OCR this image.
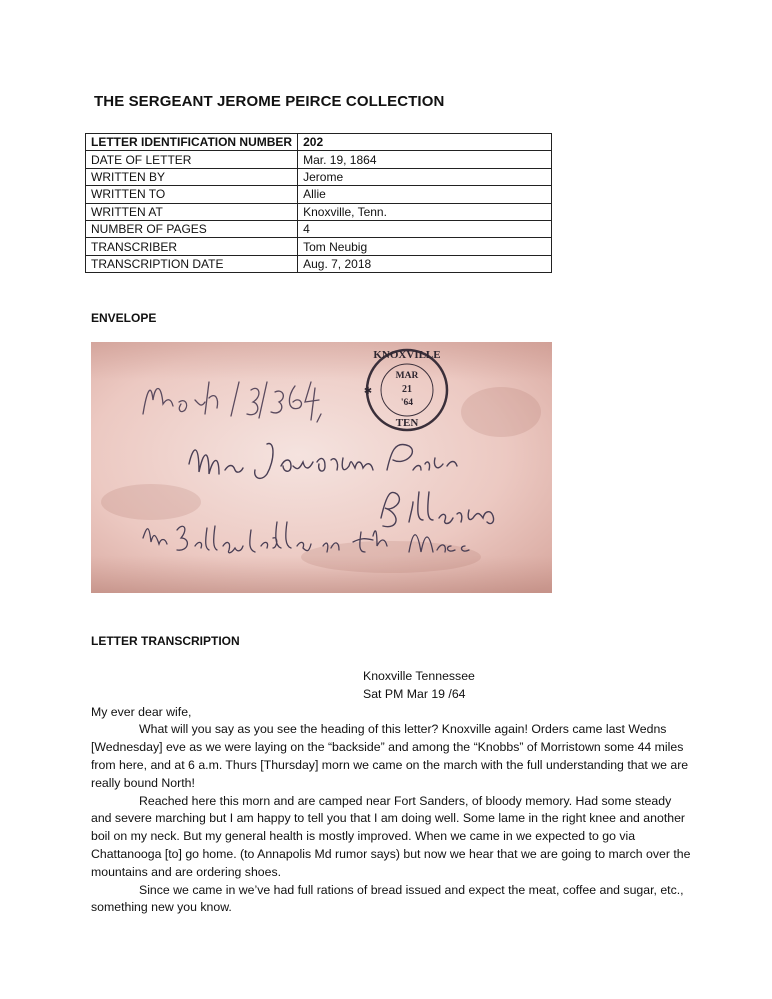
THE SERGEANT JEROME PEIRCE COLLECTION
LETTER IDENTIFICATION NUMBER	202
DATE OF LETTER	Mar. 19, 1864
WRITTEN BY	Jerome
WRITTEN TO	Allie
WRITTEN AT	Knoxville, Tenn.
NUMBER OF PAGES	4
TRANSCRIBER	Tom Neubig
TRANSCRIPTION DATE	Aug. 7, 2018
ENVELOPE
KNOXVILLE
MAR
21
'64
TEN
✱
LETTER TRANSCRIPTION
Knoxville Tennessee
Sat PM Mar 19 /64
My ever dear wife,

What will you say as you see the heading of this letter? Knoxville again! Orders came last Wedns [Wednesday] eve as we were laying on the “backside” and among the “Knobbs” of Morristown some 44 miles from here, and at 6 a.m. Thurs [Thursday] morn we came on the march with the full understanding that we are really bound North!

Reached here this morn and are camped near Fort Sanders, of bloody memory. Had some steady and severe marching but I am happy to tell you that I am doing well. Some lame in the right knee and another boil on my neck. But my general health is mostly improved. When we came in we expected to go via Chattanooga [to] go home. (to Annapolis Md rumor says) but now we hear that we are going to march over the mountains and are ordering shoes.

Since we came in we’ve had full rations of bread issued and expect the meat, coffee and sugar, etc., something new you know.
